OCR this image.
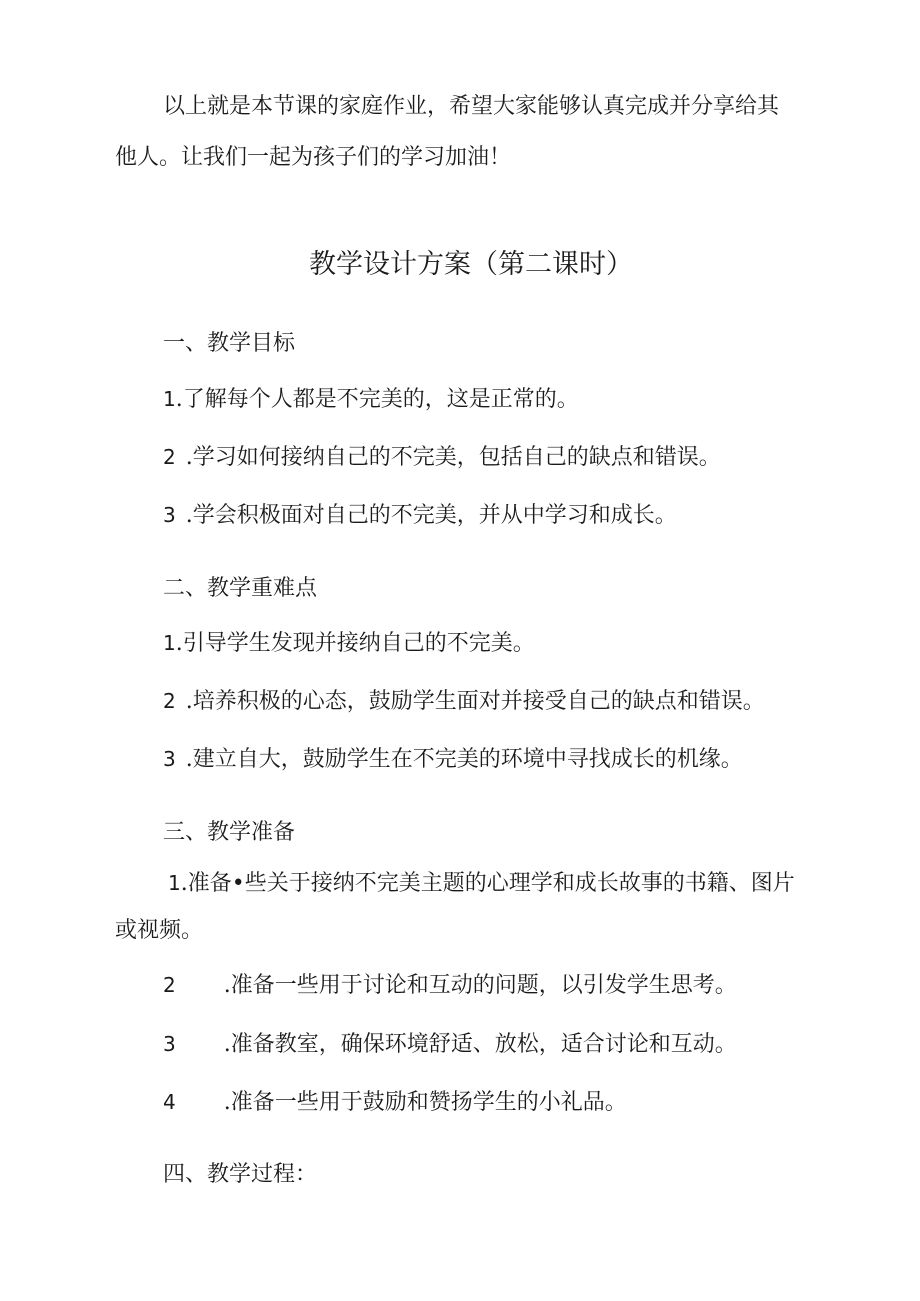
以上就是本节课的家庭作业，希望大家能够认真完成并分享给其
他人。让我们一起为孩子们的学习加油！
教学设计方案（第二课时）
一、教学目标
1.了解每个人都是不完美的，这是正常的。
2 .学习如何接纳自己的不完美，包括自己的缺点和错误。
3 .学会积极面对自己的不完美，并从中学习和成长。
二、教学重难点
1.引导学生发现并接纳自己的不完美。
2 .培养积极的心态，鼓励学生面对并接受自己的缺点和错误。
3 .建立自大，鼓励学生在不完美的环境中寻找成长的机缘。
三、教学准备
1.准备•些关于接纳不完美主题的心理学和成长故事的书籍、图片
或视频。
2 .准备一些用于讨论和互动的问题，以引发学生思考。
3 .准备教室，确保环境舒适、放松，适合讨论和互动。
4 .准备一些用于鼓励和赞扬学生的小礼品。
四、教学过程：
